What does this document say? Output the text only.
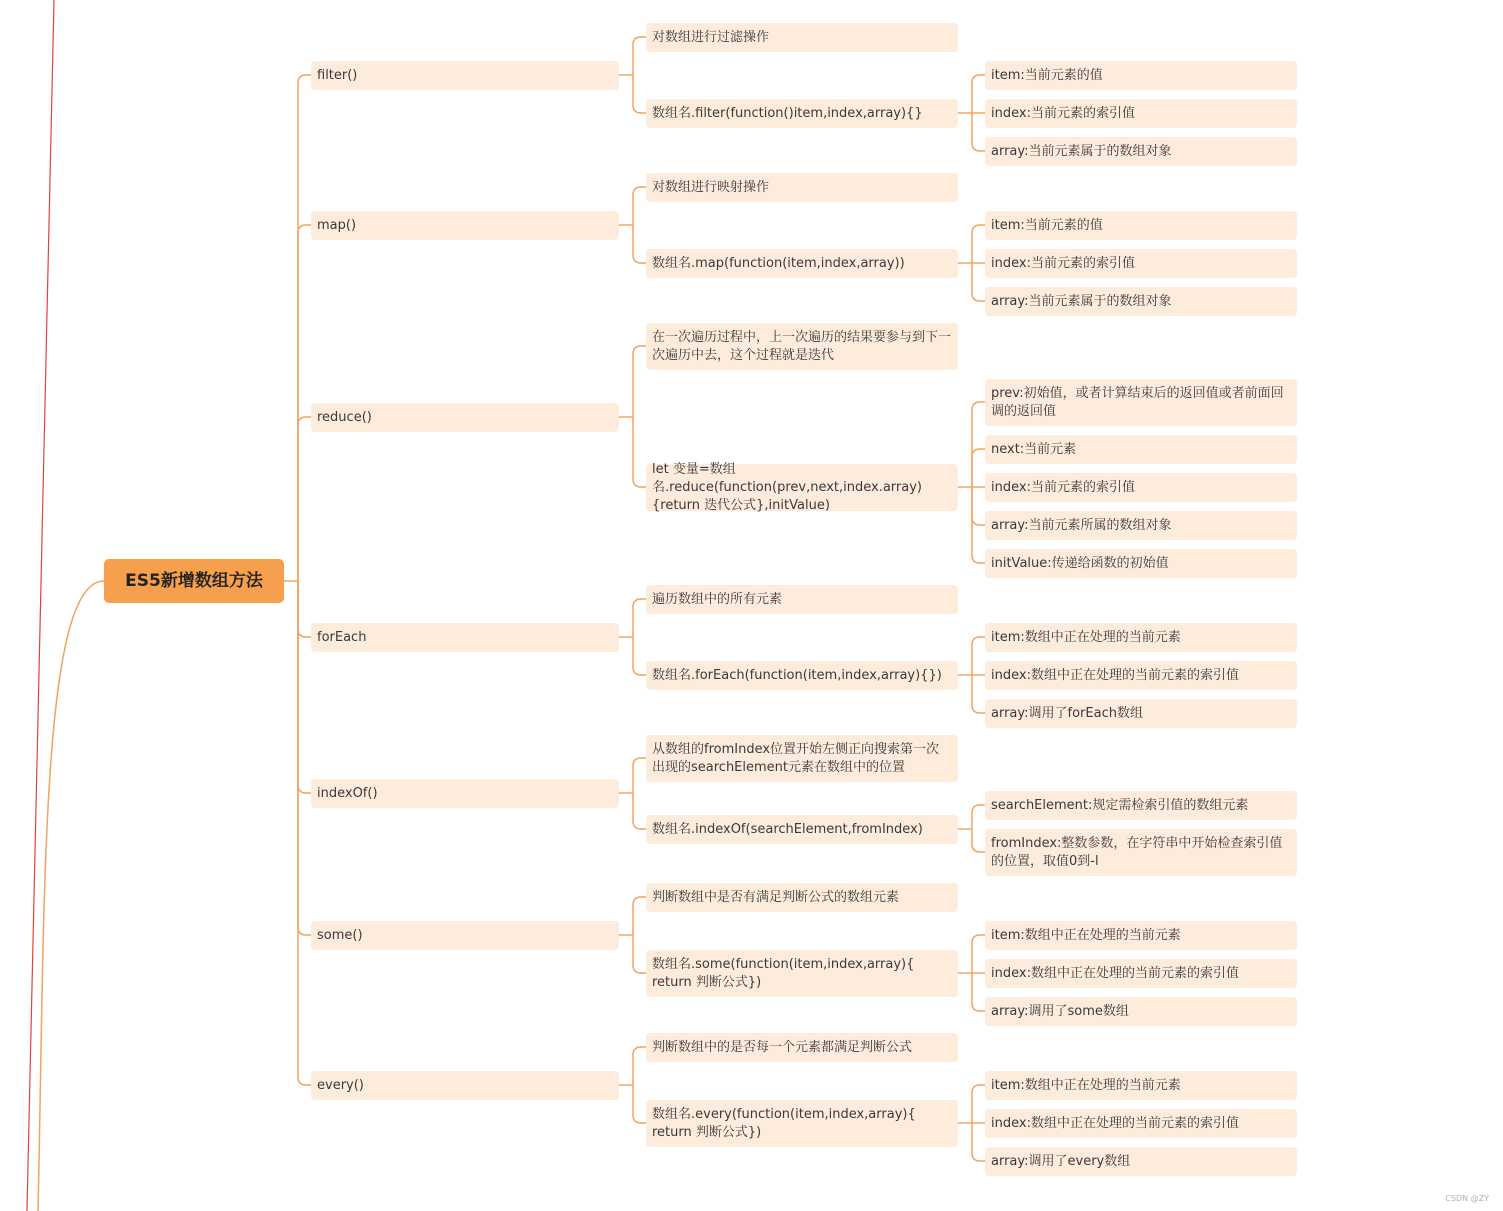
ES5新增数组方法
filter()
map()
reduce()
forEach
indexOf()
some()
every()
对数组进行过滤操作
数组名.filter(function()item,index,array){}
item:当前元素的值
index:当前元素的索引值
array:当前元素属于的数组对象
对数组进行映射操作
数组名.map(function(item,index,array))
item:当前元素的值
index:当前元素的索引值
array:当前元素属于的数组对象
在一次遍历过程中，上一次遍历的结果要参与到下一次遍历中去，这个过程就是迭代
let 变量=数组名.reduce(function(prev,next,index.array){return 迭代公式},initValue)
prev:初始值，或者计算结束后的返回值或者前面回调的返回值
next:当前元素
index:当前元素的索引值
array:当前元素所属的数组对象
initValue:传递给函数的初始值
遍历数组中的所有元素
数组名.forEach(function(item,index,array){})
item:数组中正在处理的当前元素
index:数组中正在处理的当前元素的索引值
array:调用了forEach数组
从数组的fromIndex位置开始左侧正向搜索第一次出现的searchElement元素在数组中的位置
数组名.indexOf(searchElement,fromIndex)
searchElement:规定需检索引值的数组元素
fromIndex:整数参数，在字符串中开始检查索引值的位置，取值0到-l
判断数组中是否有满足判断公式的数组元素
数组名.some(function(item,index,array){ return 判断公式})
item:数组中正在处理的当前元素
index:数组中正在处理的当前元素的索引值
array:调用了some数组
判断数组中的是否每一个元素都满足判断公式
数组名.every(function(item,index,array){ return 判断公式})
item:数组中正在处理的当前元素
index:数组中正在处理的当前元素的索引值
array:调用了every数组
CSDN @ZY
